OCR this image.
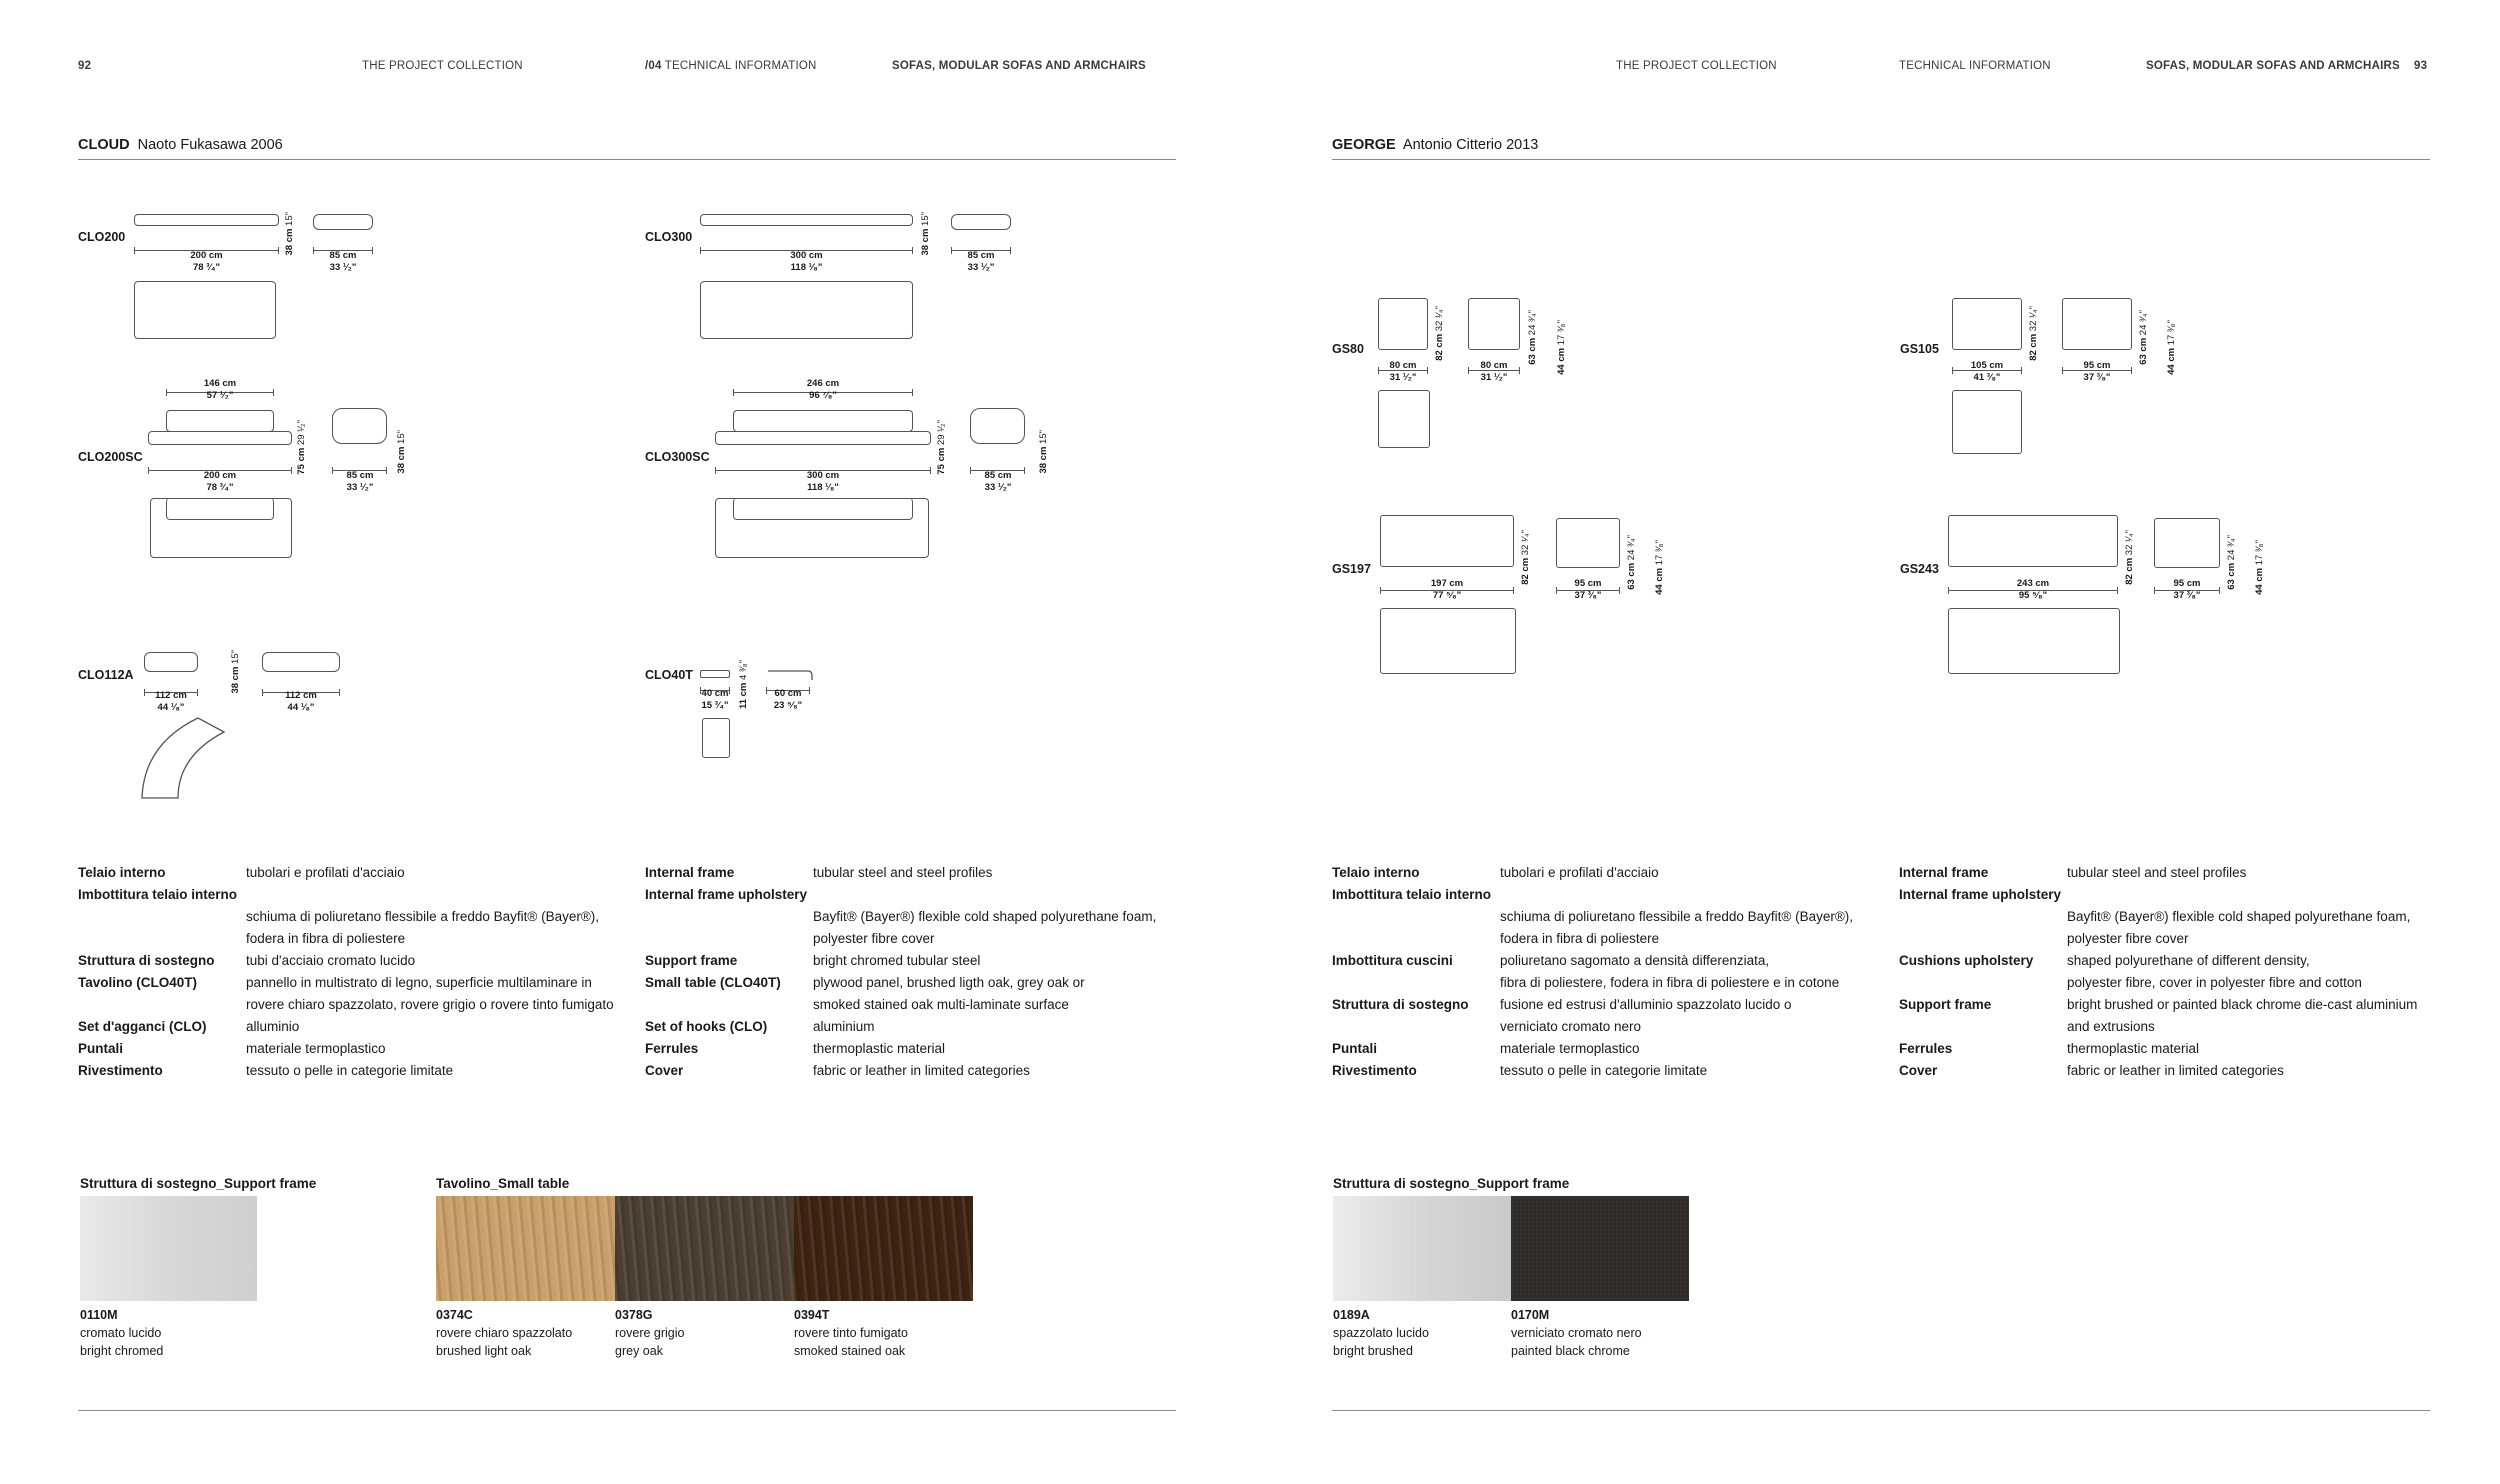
92	THE PROJECT COLLECTION	/04 TECHNICAL INFORMATION	SOFAS, MODULAR SOFAS AND ARMCHAIRS	THE PROJECT COLLECTION	TECHNICAL INFORMATION	SOFAS, MODULAR SOFAS AND ARMCHAIRS 93
CLOUD Naoto Fukasawa 2006	GEORGE Antonio Citterio 2013
CLO200	38 cm 15"
200 cm
78 ³⁄₄"
85 cm
33 ¹⁄₂"
CLO300	38 cm 15"
300 cm
118 ¹⁄₈"
85 cm
33 ¹⁄₂"
CLO200SC
146 cm
57 ¹⁄₂"
75 cm 29 ¹⁄₂"
38 cm 15"
200 cm
78 ³⁄₄"
85 cm
33 ¹⁄₂"
CLO300SC
246 cm
96 ⁷⁄₈"
75 cm 29 ¹⁄₂"
38 cm 15"
300 cm
118 ¹⁄₈"
85 cm
33 ¹⁄₂"
CLO112A	38 cm 15"
112 cm
44 ¹⁄₈"
112 cm
44 ¹⁄₈"
CLO40T
11 cm 4 ³⁄₈"
40 cm
15 ³⁄₄"
60 cm
23 ⁵⁄₈"
GS80	82 cm 32 ¹⁄₄"
63 cm 24 ³⁄₄"
44 cm 17 ³⁄₈"
80 cm
31 ¹⁄₂"
80 cm
31 ¹⁄₂"
GS105	82 cm 32 ¹⁄₄"
63 cm 24 ³⁄₄"
44 cm 17 ³⁄₈"
105 cm
41 ³⁄₈"
95 cm
37 ³⁄₈"
GS197	82 cm 32 ¹⁄₄"
63 cm 24 ³⁄₄"
44 cm 17 ³⁄₈"
197 cm
77 ⁵⁄₈"
95 cm
37 ³⁄₈"
GS243	82 cm 32 ¹⁄₄"
63 cm 24 ³⁄₄"
44 cm 17 ³⁄₈"
243 cm
95 ⁵⁄₈"
95 cm
37 ³⁄₈"
Telaio interno	tubolari e profilati d'acciaio
Imbottitura telaio interno
schiuma di poliuretano flessibile a freddo Bayfit® (Bayer®),
fodera in fibra di poliestere
Struttura di sostegno	tubi d'acciaio cromato lucido
Tavolino (CLO40T)	pannello in multistrato di legno, superficie multilaminare in
rovere chiaro spazzolato, rovere grigio o rovere tinto fumigato
Set d'agganci (CLO)	alluminio
Puntali	materiale termoplastico
Rivestimento	tessuto o pelle in categorie limitate
Internal frame	tubular steel and steel profiles
Internal frame upholstery
Bayfit® (Bayer®) flexible cold shaped polyurethane foam,
polyester fibre cover
Support frame	bright chromed tubular steel
Small table (CLO40T)	plywood panel, brushed ligth oak, grey oak or
smoked stained oak multi-laminate surface
Set of hooks (CLO)	aluminium
Ferrules	thermoplastic material
Cover	fabric or leather in limited categories
Telaio interno	tubolari e profilati d'acciaio
Imbottitura telaio interno
schiuma di poliuretano flessibile a freddo Bayfit® (Bayer®),
fodera in fibra di poliestere
Imbottitura cuscini	poliuretano sagomato a densità differenziata,
fibra di poliestere, fodera in fibra di poliestere e in cotone
Struttura di sostegno	fusione ed estrusi d'alluminio spazzolato lucido o
verniciato cromato nero
Puntali	materiale termoplastico
Rivestimento	tessuto o pelle in categorie limitate
Internal frame	tubular steel and steel profiles
Internal frame upholstery
Bayfit® (Bayer®) flexible cold shaped polyurethane foam,
polyester fibre cover
Cushions upholstery	shaped polyurethane of different density,
polyester fibre, cover in polyester fibre and cotton
Support frame	bright brushed or painted black chrome die-cast aluminium
and extrusions
Ferrules	thermoplastic material
Cover	fabric or leather in limited categories
Struttura di sostegno_Support frame	Tavolino_Small table	Struttura di sostegno_Support frame
0110M
cromato lucido
bright chromed
0374C
rovere chiaro spazzolato
brushed light oak
0378G
rovere grigio
grey oak
0394T
rovere tinto fumigato
smoked stained oak
0189A
spazzolato lucido
bright brushed
0170M
verniciato cromato nero
painted black chrome
